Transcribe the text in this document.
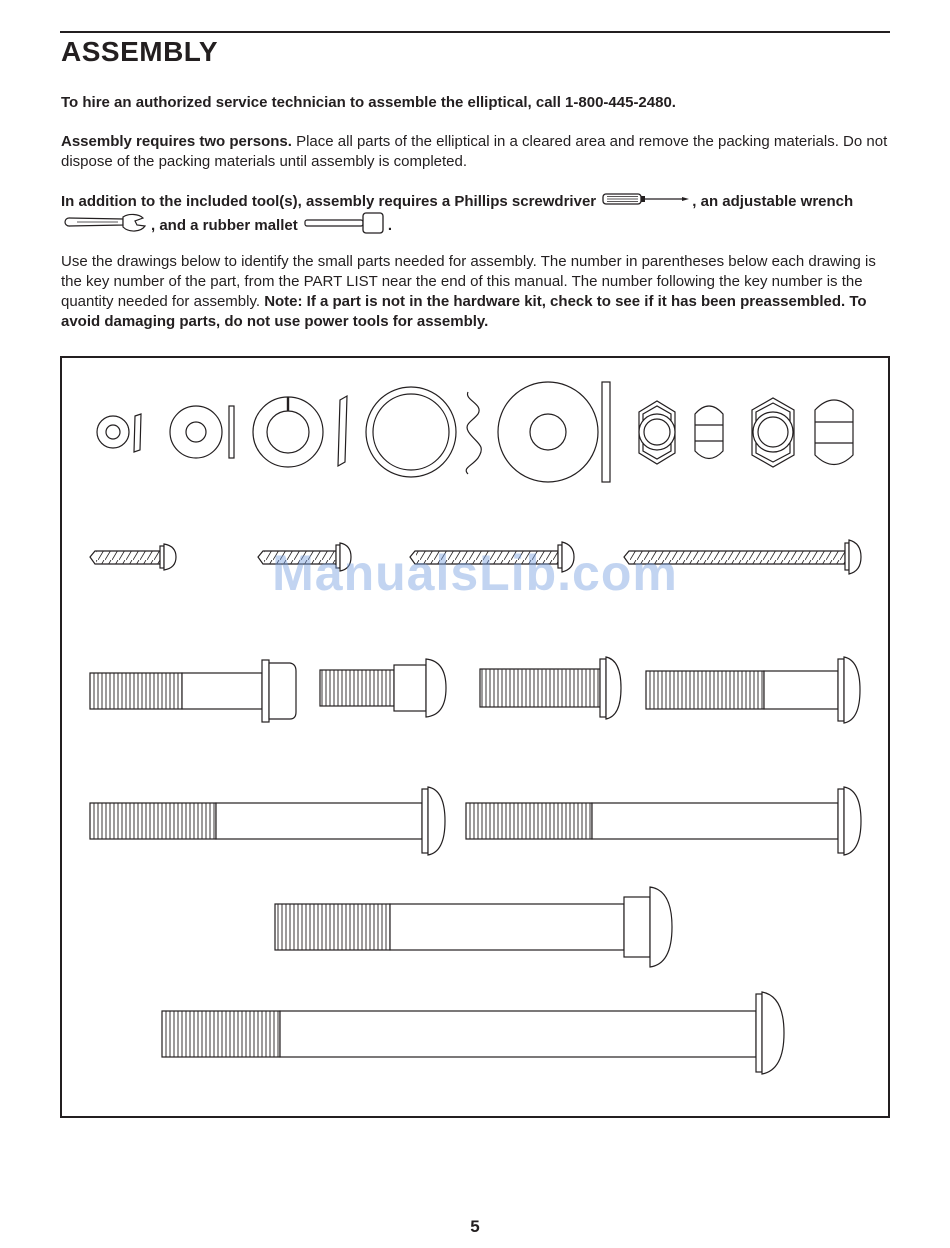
ASSEMBLY

To hire an authorized service technician to assemble the elliptical, call 1-800-445-2480.

Assembly requires two persons. Place all parts of the elliptical in a cleared area and remove the packing materials. Do not dispose of the packing materials until assembly is completed.

In addition to the included tool(s), assembly requires a Phillips screwdriver	, an adjustable wrench , and a rubber mallet	.

Use the drawings below to identify the small parts needed for assembly. The number in parentheses below each drawing is the key number of the part, from the PART LIST near the end of this manual. The number following the key number is the quantity needed for assembly. Note: If a part is not in the hardware kit, check to see if it has been preassembled. To avoid damaging parts, do not use power tools for assembly.

ManualsLib.com
5
